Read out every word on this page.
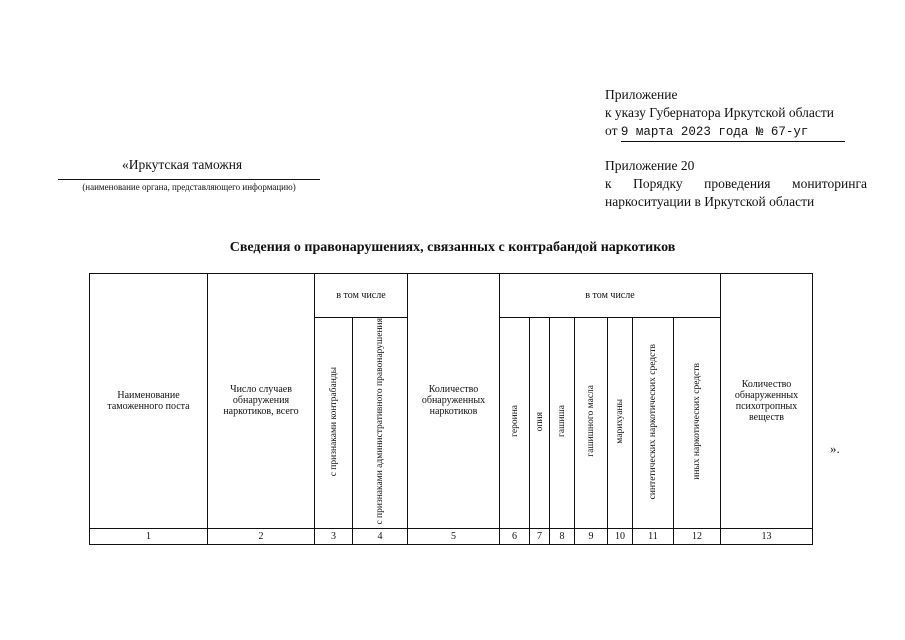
Приложение
к указу Губернатора Иркутской области
от 9 марта 2023 года № 67-уг
Приложение 20
к Порядку проведения мониторинга
наркоситуации в Иркутской области
«Иркутская таможня
(наименование органа, представляющего информацию)
Сведения о правонарушениях, связанных с контрабандой наркотиков
Наименование таможенного поста	Число случаев обнаружения наркотиков, всего	в том числе		Количество обнаруженных наркотиков	в том числе							Количество обнаруженных психотропных веществ
		с признаками контрабанды	с признаками административного правонарушения		героина	опия	гашиша	гашишного масла	марихуаны	синтетических наркотических средств	иных наркотических средств	
1	2	3	4	5	6	7	8	9	10	11	12	13
».
